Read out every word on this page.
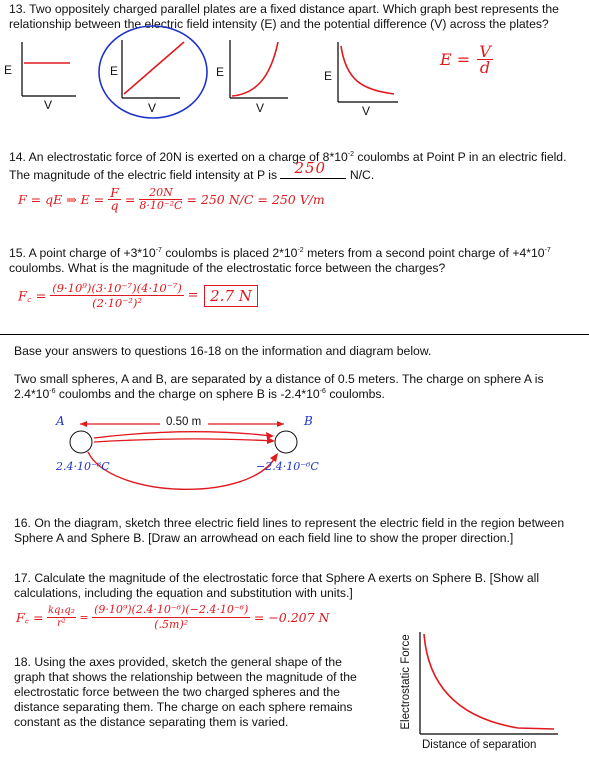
13. Two oppositely charged parallel plates are a fixed distance apart. Which graph best represents the relationship between the electric field intensity (E) and the potential difference (V) across the plates?
E
V
E
V
E
V
E
V
$E = \frac{V}{d}$
14. An electrostatic force of 20N is exerted on a charge of $8*10^{-2}$ coulombs at Point P in an electric field. The magnitude of the electric field intensity at P is 250 N/C.
F = qE ⇒ $E = \frac{F}{q} = \frac{20N}{\text{8·10⁻²C}} = 250$ N/C = 250 V/m
15. A point charge of $+3*10^{-7}$ coulombs is placed $2*10^{-2}$ meters from a second point charge of $+4*10^{-7}$ coulombs. What is the magnitude of the electrostatic force between the charges?
F꜀ = $\frac{\text{(9·10⁹)(3·10⁻⁷)(4·10⁻⁷)}}{\text{(2·10⁻²)²}} = 2.7$ N
Base your answers to questions 16-18 on the information and diagram below.
Two small spheres, A and B, are separated by a distance of 0.5 meters. The charge on sphere A is $2.4*10^{-6}$ coulombs and the charge on sphere B is $-2.4*10^{-6}$ coulombs.
0.50 m
A	B
2.4·10⁻⁶C	−2.4·10⁻⁶C
16. On the diagram, sketch three electric field lines to represent the electric field in the region between Sphere A and Sphere B. [Draw an arrowhead on each field line to show the proper direction.]
17. Calculate the magnitude of the electrostatic force that Sphere A exerts on Sphere B. [Show all calculations, including the equation and substitution with units.]
F꜀ = $\frac{\text{kq₁q₂}}{\text{r²}} = \frac{\text{(9·10⁹)(2.4·10⁻⁶)(−2.4·10⁻⁶)}}{\text{(.5m)²}} = -0.207$ N
18. Using the axes provided, sketch the general shape of the graph that shows the relationship between the magnitude of the electrostatic force between the two charged spheres and the distance separating them. The charge on each sphere remains constant as the distance separating them is varied.	Electrostatic Force
Distance of separation
